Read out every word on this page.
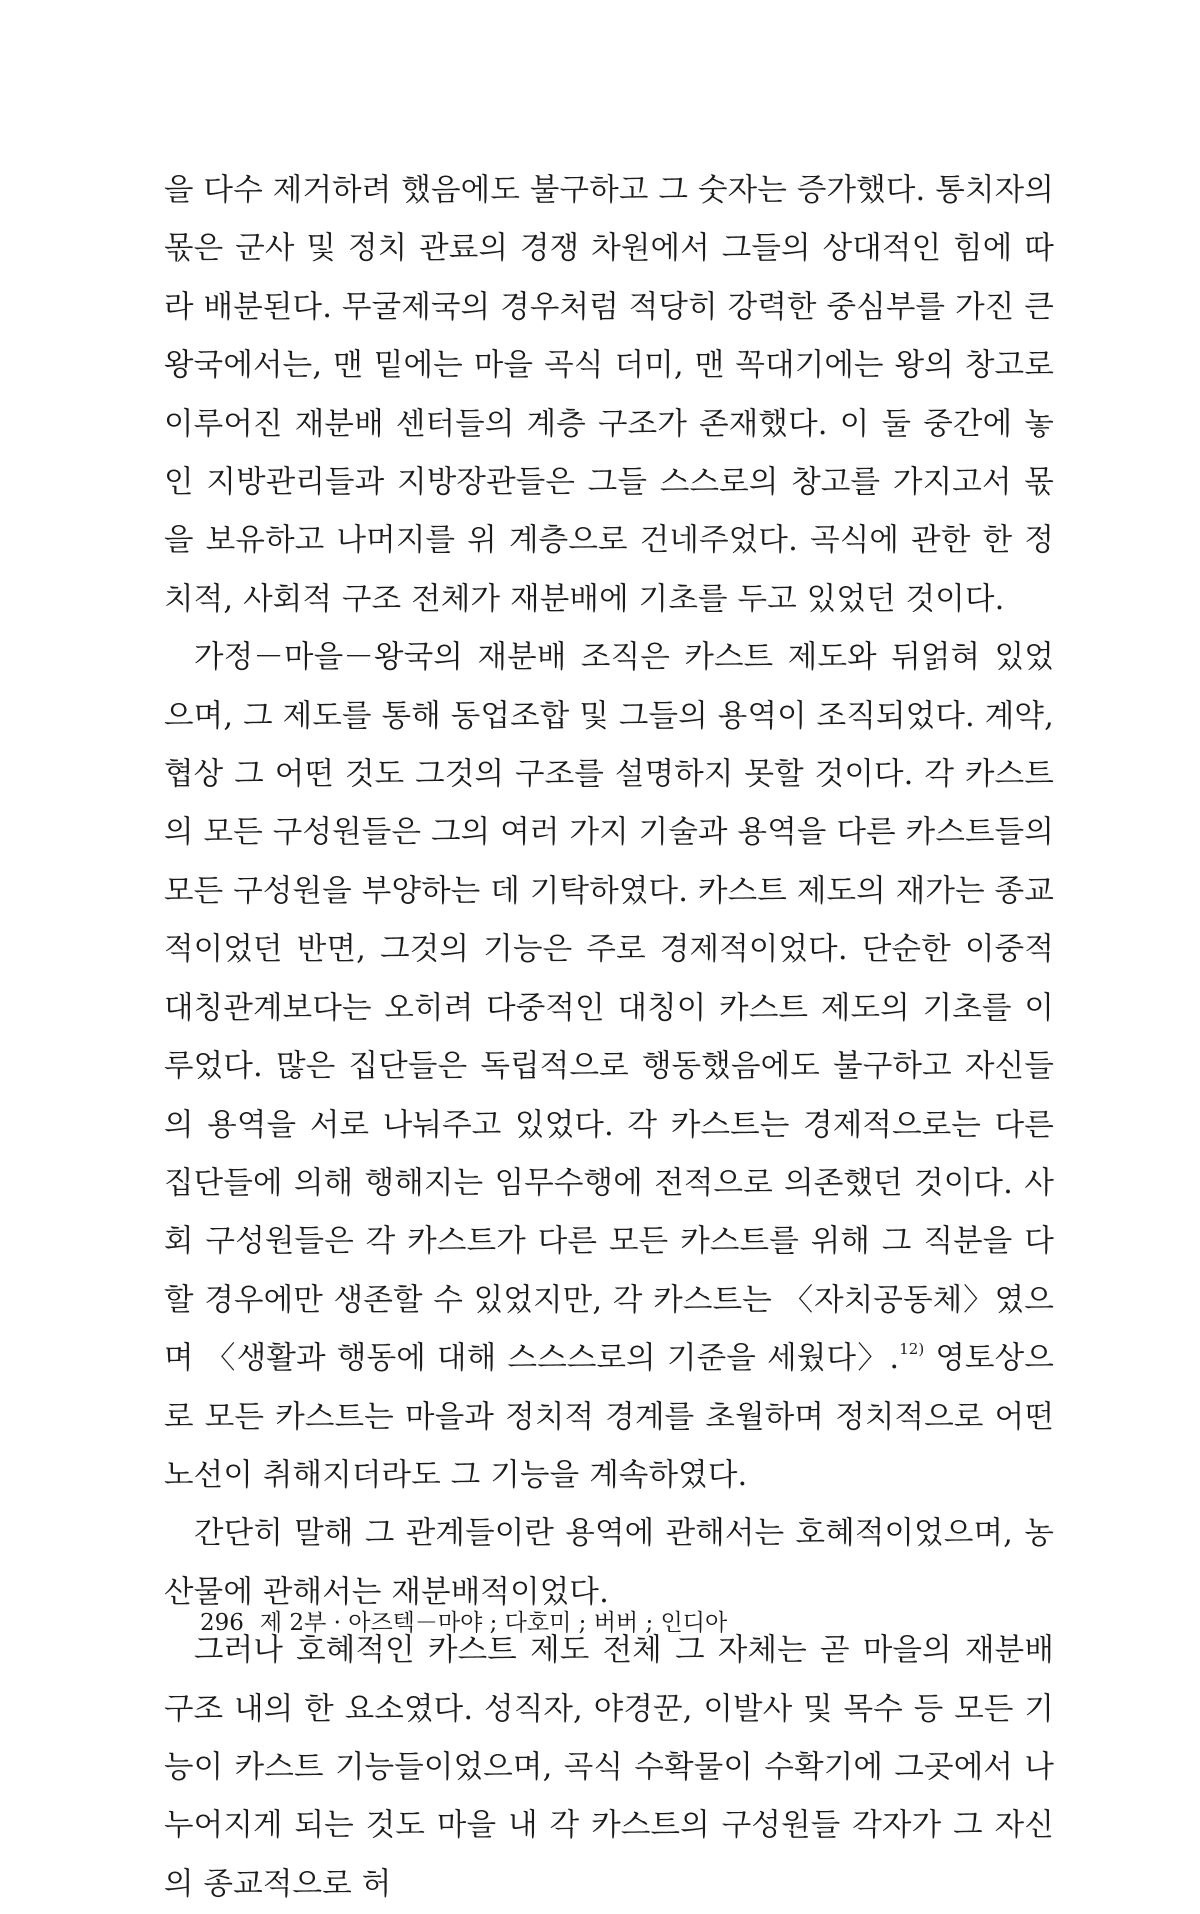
을 다수 제거하려 했음에도 불구하고 그 숫자는 증가했다. 통치자의 몫은 군사 및 정치 관료의 경쟁 차원에서 그들의 상대적인 힘에 따라 배분된다. 무굴제국의 경우처럼 적당히 강력한 중심부를 가진 큰 왕국에서는, 맨 밑에는 마을 곡식 더미, 맨 꼭대기에는 왕의 창고로 이루어진 재분배 센터들의 계층 구조가 존재했다. 이 둘 중간에 놓인 지방관리들과 지방장관들은 그들 스스로의 창고를 가지고서 몫을 보유하고 나머지를 위 계층으로 건네주었다. 곡식에 관한 한 정치적, 사회적 구조 전체가 재분배에 기초를 두고 있었던 것이다.

가정－마을－왕국의 재분배 조직은 카스트 제도와 뒤얽혀 있었으며, 그 제도를 통해 동업조합 및 그들의 용역이 조직되었다. 계약, 협상 그 어떤 것도 그것의 구조를 설명하지 못할 것이다. 각 카스트의 모든 구성원들은 그의 여러 가지 기술과 용역을 다른 카스트들의 모든 구성원을 부양하는 데 기탁하였다. 카스트 제도의 재가는 종교적이었던 반면, 그것의 기능은 주로 경제적이었다. 단순한 이중적 대칭관계보다는 오히려 다중적인 대칭이 카스트 제도의 기초를 이루었다. 많은 집단들은 독립적으로 행동했음에도 불구하고 자신들의 용역을 서로 나눠주고 있었다. 각 카스트는 경제적으로는 다른 집단들에 의해 행해지는 임무수행에 전적으로 의존했던 것이다. 사회 구성원들은 각 카스트가 다른 모든 카스트를 위해 그 직분을 다할 경우에만 생존할 수 있었지만, 각 카스트는 〈자치공동체〉였으며 〈생활과 행동에 대해 스스스로의 기준을 세웠다〉.$^{12)}$ 영토상으로 모든 카스트는 마을과 정치적 경계를 초월하며 정치적으로 어떤 노선이 취해지더라도 그 기능을 계속하였다.

간단히 말해 그 관계들이란 용역에 관해서는 호혜적이었으며, 농산물에 관해서는 재분배적이었다.

그러나 호혜적인 카스트 제도 전체 그 자체는 곧 마을의 재분배 구조 내의 한 요소였다. 성직자, 야경꾼, 이발사 및 목수 등 모든 기능이 카스트 기능들이었으며, 곡식 수확물이 수확기에 그곳에서 나누어지게 되는 것도 마을 내 각 카스트의 구성원들 각자가 그 자신의 종교적으로 허

296 제 2부 · 아즈텍－마야 ; 다호미 ; 버버 ; 인디아
